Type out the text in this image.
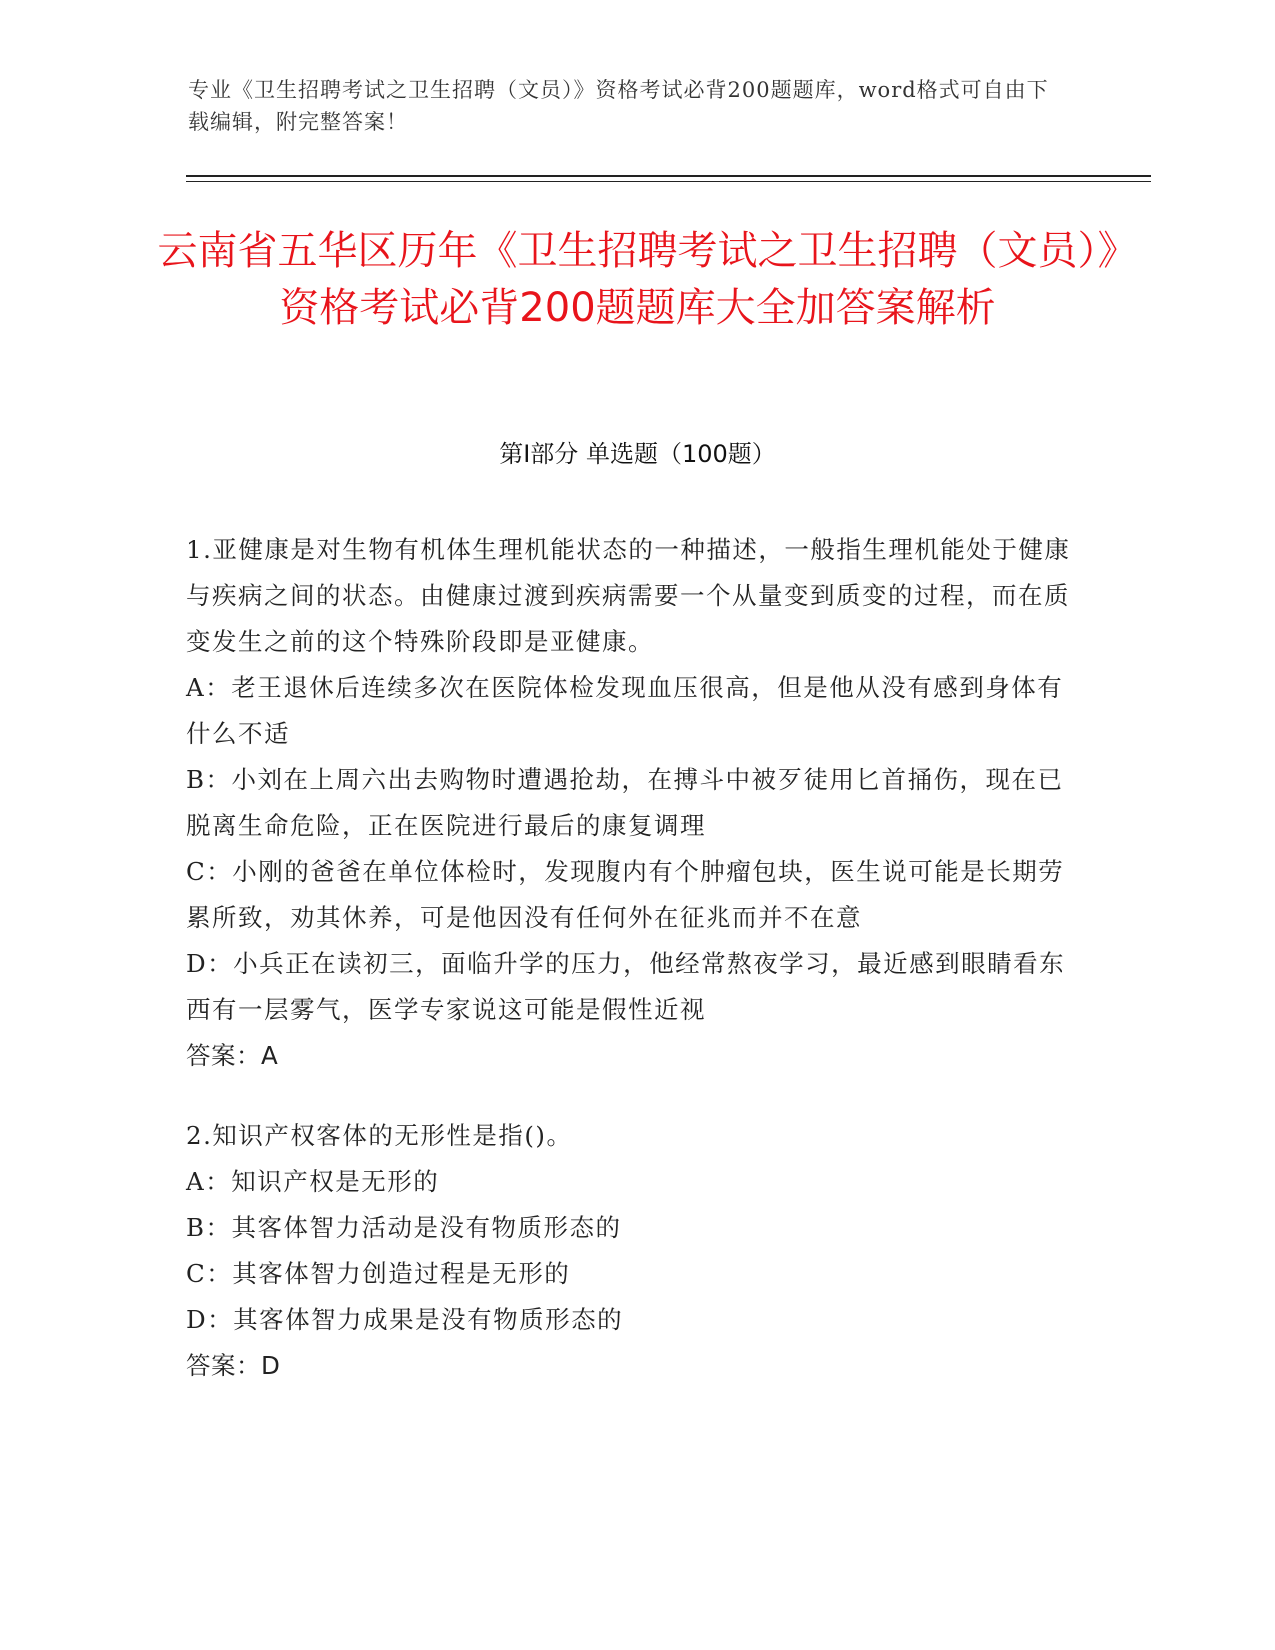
专业《卫生招聘考试之卫生招聘（文员）》资格考试必背200题题库，word格式可自由下载编辑，附完整答案！
云南省五华区历年《卫生招聘考试之卫生招聘（文员）》资格考试必背200题题库大全加答案解析
第Ⅰ部分 单选题（100题）

1.亚健康是对生物有机体生理机能状态的一种描述，一般指生理机能处于健康与疾病之间的状态。由健康过渡到疾病需要一个从量变到质变的过程，而在质变发生之前的这个特殊阶段即是亚健康。

A：老王退休后连续多次在医院体检发现血压很高，但是他从没有感到身体有什么不适

B：小刘在上周六出去购物时遭遇抢劫，在搏斗中被歹徒用匕首捅伤，现在已脱离生命危险，正在医院进行最后的康复调理

C：小刚的爸爸在单位体检时，发现腹内有个肿瘤包块，医生说可能是长期劳累所致，劝其休养，可是他因没有任何外在征兆而并不在意

D：小兵正在读初三，面临升学的压力，他经常熬夜学习，最近感到眼睛看东西有一层雾气，医学专家说这可能是假性近视

答案：A

2.知识产权客体的无形性是指()。

A：知识产权是无形的

B：其客体智力活动是没有物质形态的

C：其客体智力创造过程是无形的

D：其客体智力成果是没有物质形态的

答案：D
